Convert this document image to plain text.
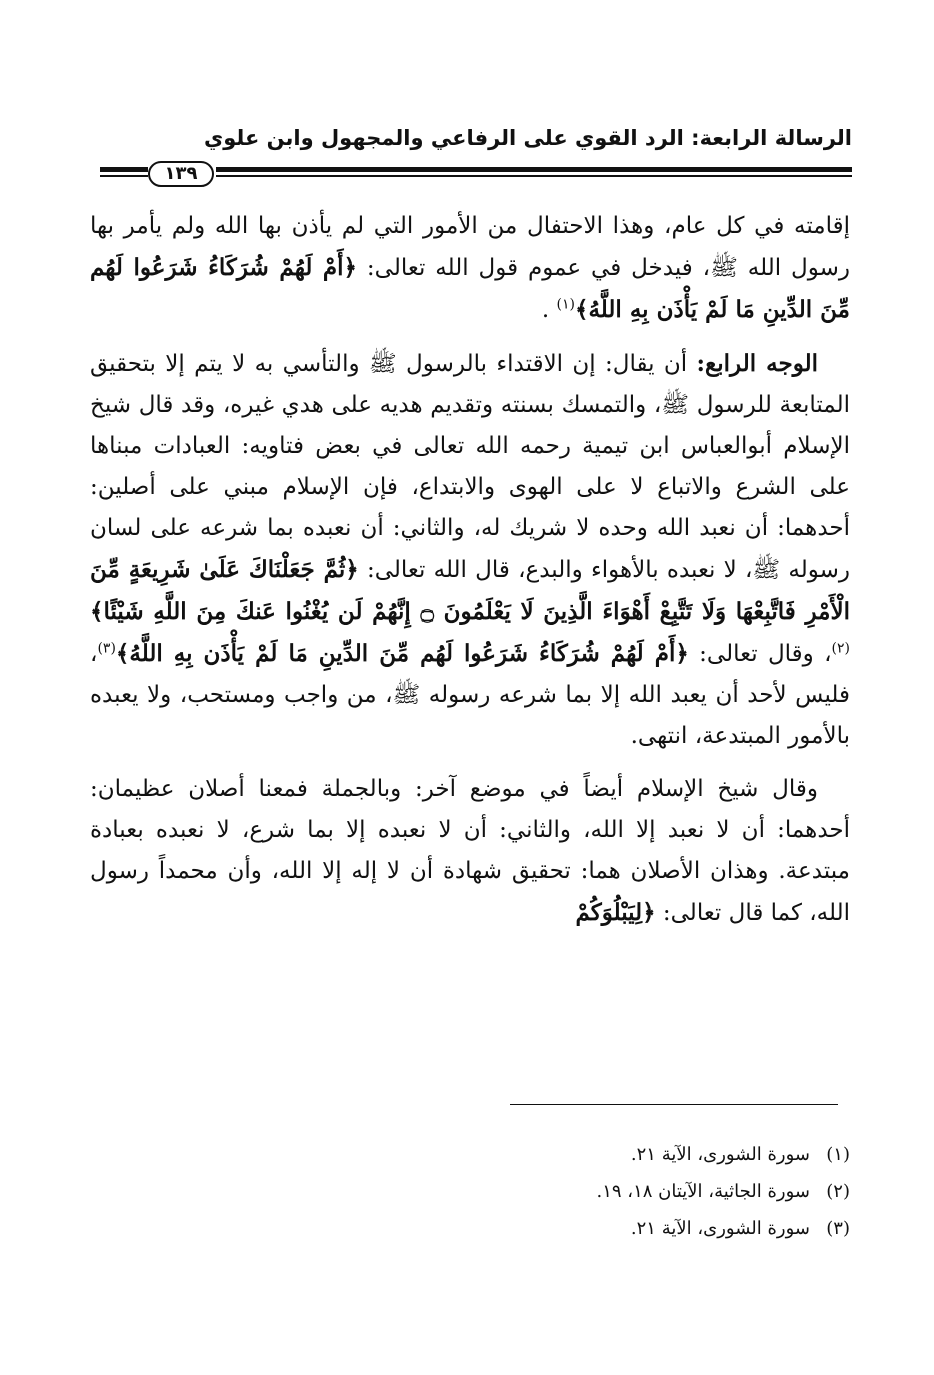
الرسالة الرابعة: الرد القوي على الرفاعي والمجهول وابن علوي
١٣٩

إقامته في كل عام، وهذا الاحتفال من الأمور التي لم يأذن بها الله ولم يأمر بها رسول الله ﷺ، فيدخل في عموم قول الله تعالى: ﴿أَمْ لَهُمْ شُرَكَاءُ شَرَعُوا لَهُم مِّنَ الدِّينِ مَا لَمْ يَأْذَن بِهِ اللَّهُ﴾$^{(١)}$ .

الوجه الرابع: أن يقال: إن الاقتداء بالرسول ﷺ والتأسي به لا يتم إلا بتحقيق المتابعة للرسول ﷺ، والتمسك بسنته وتقديم هديه على هدي غيره، وقد قال شيخ الإسلام أبوالعباس ابن تيمية رحمه الله تعالى في بعض فتاويه: العبادات مبناها على الشرع والاتباع لا على الهوى والابتداع، فإن الإسلام مبني على أصلين: أحدهما: أن نعبد الله وحده لا شريك له، والثاني: أن نعبده بما شرعه على لسان رسوله ﷺ، لا نعبده بالأهواء والبدع، قال الله تعالى: ﴿ثُمَّ جَعَلْنَاكَ عَلَىٰ شَرِيعَةٍ مِّنَ الْأَمْرِ فَاتَّبِعْهَا وَلَا تَتَّبِعْ أَهْوَاءَ الَّذِينَ لَا يَعْلَمُونَ ۝ إِنَّهُمْ لَن يُغْنُوا عَنكَ مِنَ اللَّهِ شَيْئًا﴾$^{(٢)}$، وقال تعالى: ﴿أَمْ لَهُمْ شُرَكَاءُ شَرَعُوا لَهُم مِّنَ الدِّينِ مَا لَمْ يَأْذَن بِهِ اللَّهُ﴾$^{(٣)}$، فليس لأحد أن يعبد الله إلا بما شرعه رسوله ﷺ، من واجب ومستحب، ولا يعبده بالأمور المبتدعة، انتهى.

وقال شيخ الإسلام أيضاً في موضع آخر: وبالجملة فمعنا أصلان عظيمان: أحدهما: أن لا نعبد إلا الله، والثاني: أن لا نعبده إلا بما شرع، لا نعبده بعبادة مبتدعة. وهذان الأصلان هما: تحقيق شهادة أن لا إله إلا الله، وأن محمداً رسول الله، كما قال تعالى: ﴿لِيَبْلُوَكُمْ

(١)سورة الشورى، الآية ٢١.
(٢)سورة الجاثية، الآيتان ١٨، ١٩.
(٣)سورة الشورى، الآية ٢١.
